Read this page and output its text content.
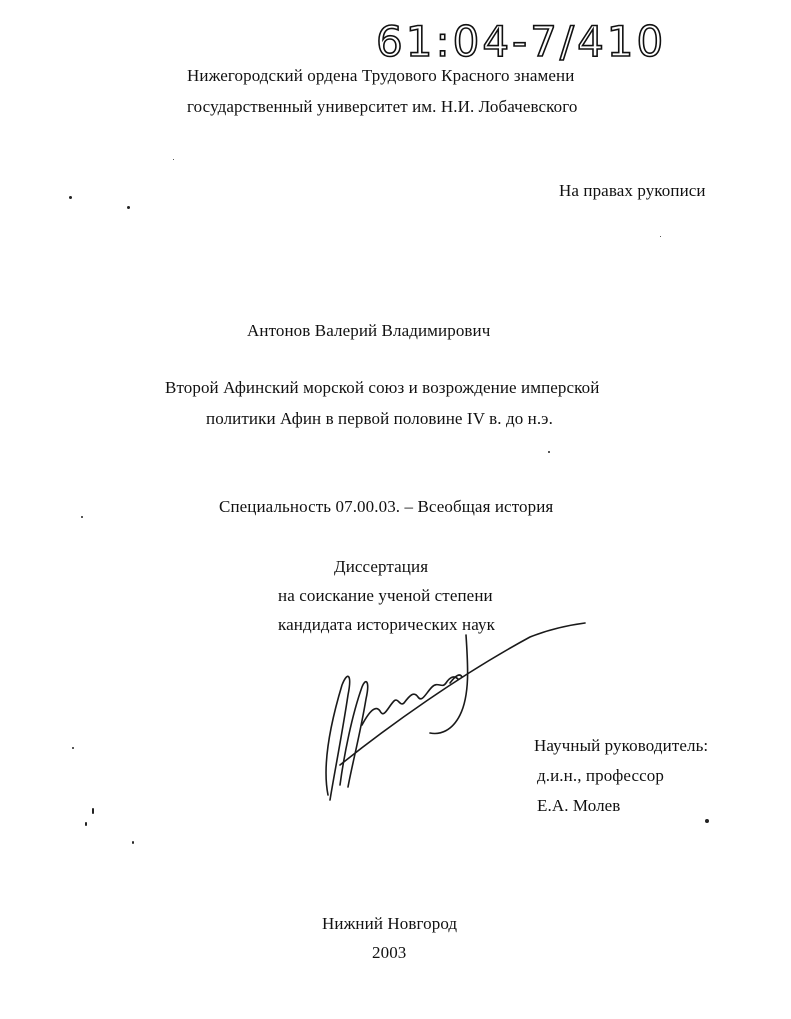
61:04-7/410
Нижегородский ордена Трудового Красного знамени
государственный университет им. Н.И. Лобачевского
На правах рукописи
Антонов Валерий Владимирович
Второй Афинский морской союз и возрождение имперской
политики Афин в первой половине IV в. до н.э.
Специальность 07.00.03. – Всеобщая история
Диссертация
на соискание ученой степени
кандидата исторических наук
Научный руководитель:
д.и.н., профессор
Е.А. Молев
Нижний Новгород
2003
